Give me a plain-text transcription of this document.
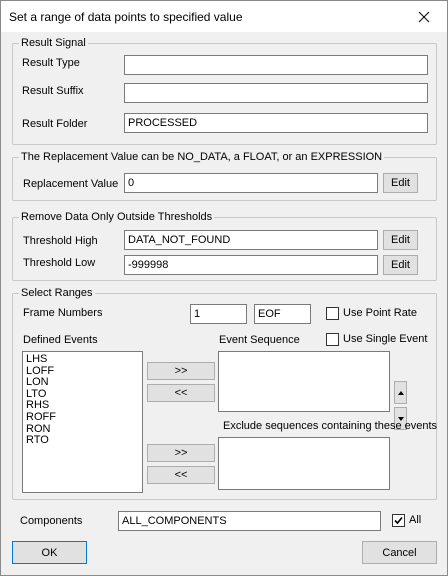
Set a range of data points to specified value
Result Signal
Result Type
Result Suffix
Result Folder	PROCESSED
The Replacement Value can be NO_DATA, a FLOAT, or an EXPRESSION
Replacement Value 0	Edit
Remove Data Only Outside Thresholds
Threshold High	DATA_NOT_FOUND	Edit
Threshold Low	-999998	Edit
Select Ranges
Frame Numbers	1	EOF	Use Point Rate
Defined Events	Event Sequence	Use Single Event
LHS
LOFF
LON
LTO
RHS
ROFF
RON
RTO
>>
<<
Exclude sequences containing these events
>>
<<
Components	ALL_COMPONENTS	All
OK	Cancel
